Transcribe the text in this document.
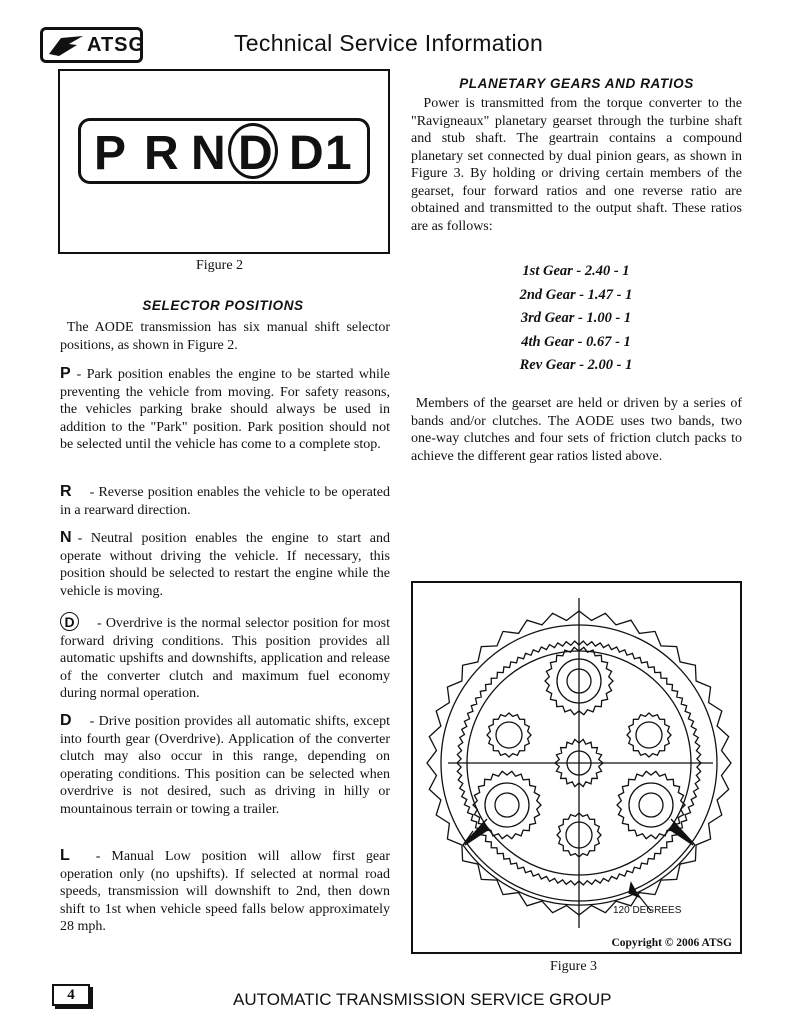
ATSG	Technical Service Information
P R N D D 1
Figure 2
SELECTOR POSITIONS
The AODE transmission has six manual shift selector positions, as shown in Figure 2.
P - Park position enables the engine to be started while preventing the vehicle from moving. For safety reasons, the vehicles parking brake should always be used in addition to the "Park" position. Park position should not be selected until the vehicle has come to a complete stop.
R - Reverse position enables the vehicle to be operated in a rearward direction.
N - Neutral position enables the engine to start and operate without driving the vehicle. If necessary, this position should be selected to restart the engine while the vehicle is moving.
D - Overdrive is the normal selector position for most forward driving conditions. This position provides all automatic upshifts and downshifts, application and release of the converter clutch and maximum fuel economy during normal operation.
D - Drive position provides all automatic shifts, except into fourth gear (Overdrive). Application of the converter clutch may also occur in this range, depending on operating conditions. This position can be selected when overdrive is not desired, such as driving in hilly or mountainous terrain or towing a trailer.
L - Manual Low position will allow first gear operation only (no upshifts). If selected at normal road speeds, transmission will downshift to 2nd, then down shift to 1st when vehicle speed falls below approximately 28 mph.
PLANETARY GEARS AND RATIOS
Power is transmitted from the torque converter to the "Ravigneaux" planetary gearset through the turbine shaft and stub shaft. The geartrain contains a compound planetary set connected by dual pinion gears, as shown in Figure 3. By holding or driving certain members of the gearset, four forward ratios and one reverse ratio are obtained and transmitted to the output shaft. These ratios are as follows:
1st Gear - 2.40 - 1
2nd Gear - 1.47 - 1
3rd Gear - 1.00 - 1
4th Gear - 0.67 - 1
Rev Gear - 2.00 - 1
Members of the gearset are held or driven by a series of bands and/or clutches. The AODE uses two bands, two one-way clutches and four sets of friction clutch packs to achieve the different gear ratios listed above.
120 DEGREES
Copyright © 2006 ATSG
Figure 3
4	AUTOMATIC TRANSMISSION SERVICE GROUP
